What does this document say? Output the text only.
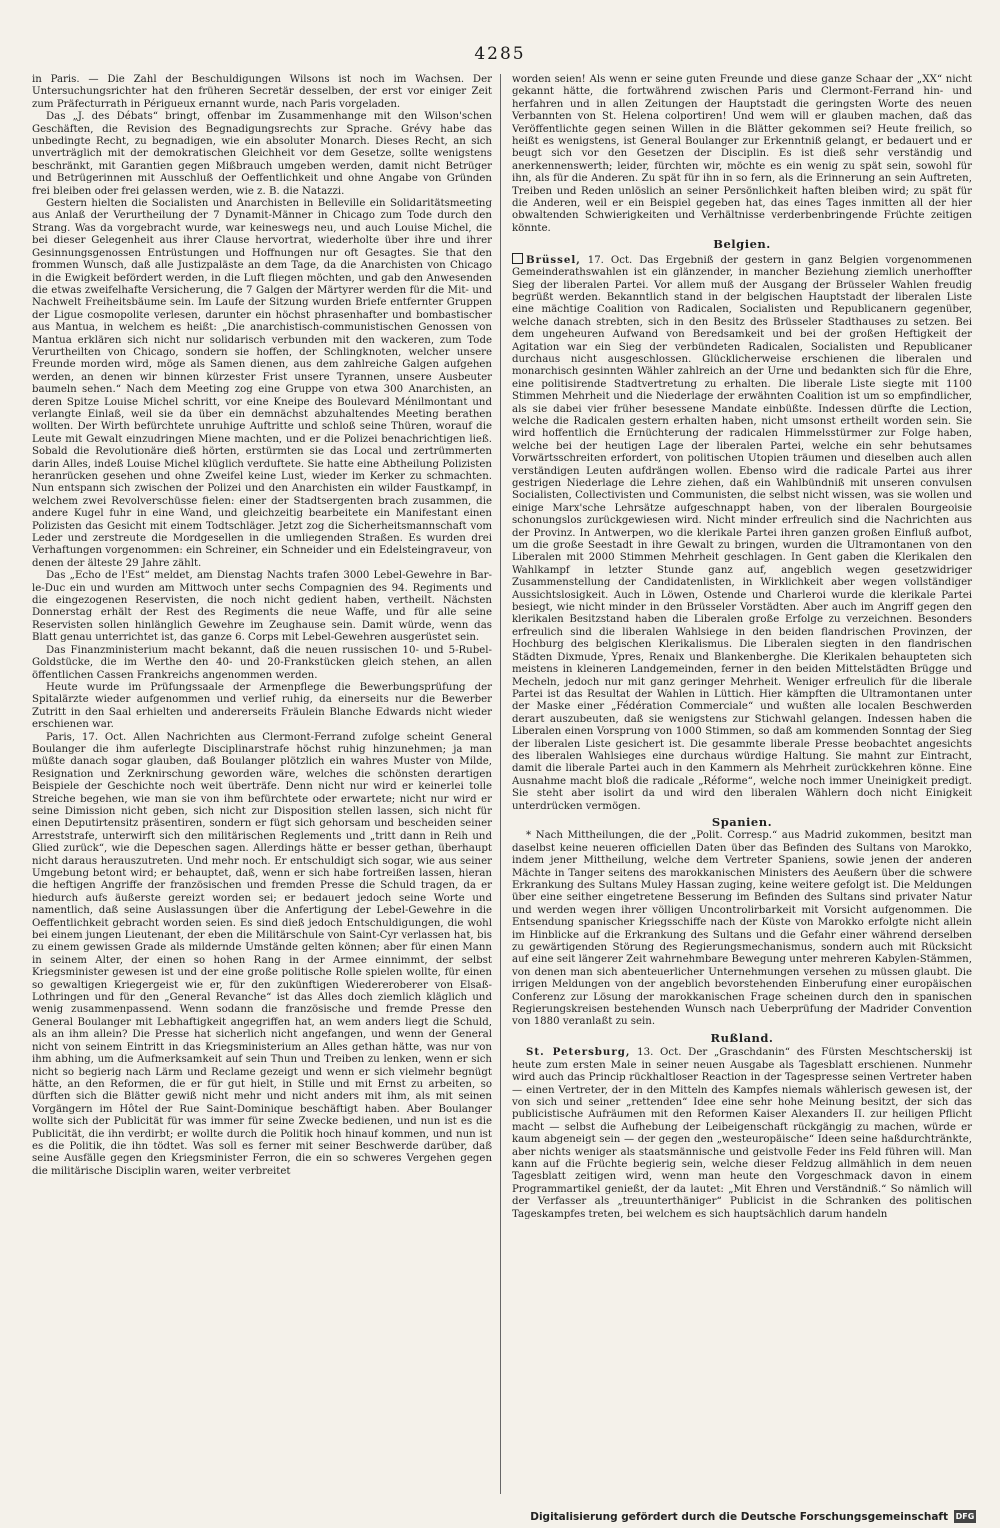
4285

in Paris. — Die Zahl der Beschuldigungen Wilsons ist noch im Wachsen. Der Untersuchungsrichter hat den früheren Secretär desselben, der erst vor einiger Zeit zum Präfecturrath in Périgueux ernannt wurde, nach Paris vorgeladen.

Das „J. des Débats“ bringt, offenbar im Zusammenhange mit den Wilson'schen Geschäften, die Revision des Begnadigungsrechts zur Sprache. Grévy habe das unbedingte Recht, zu begnadigen, wie ein absoluter Monarch. Dieses Recht, an sich unverträglich mit der demokratischen Gleichheit vor dem Gesetze, sollte wenigstens beschränkt, mit Garantien gegen Mißbrauch umgeben werden, damit nicht Betrüger und Betrügerinnen mit Ausschluß der Oeffentlichkeit und ohne Angabe von Gründen frei bleiben oder frei gelassen werden, wie z. B. die Natazzi.

Gestern hielten die Socialisten und Anarchisten in Belleville ein Solidaritätsmeeting aus Anlaß der Verurtheilung der 7 Dynamit-Männer in Chicago zum Tode durch den Strang. Was da vorgebracht wurde, war keineswegs neu, und auch Louise Michel, die bei dieser Gelegenheit aus ihrer Clause hervortrat, wiederholte über ihre und ihrer Gesinnungsgenossen Entrüstungen und Hoffnungen nur oft Gesagtes. Sie that den frommen Wunsch, daß alle Justizpaläste an dem Tage, da die Anarchisten von Chicago in die Ewigkeit befördert werden, in die Luft fliegen möchten, und gab den Anwesenden die etwas zweifelhafte Versicherung, die 7 Galgen der Märtyrer werden für die Mit- und Nachwelt Freiheitsbäume sein. Im Laufe der Sitzung wurden Briefe entfernter Gruppen der Ligue cosmopolite verlesen, darunter ein höchst phrasenhafter und bombastischer aus Mantua, in welchem es heißt: „Die anarchistisch-communistischen Genossen von Mantua erklären sich nicht nur solidarisch verbunden mit den wackeren, zum Tode Verurtheilten von Chicago, sondern sie hoffen, der Schlingknoten, welcher unsere Freunde morden wird, möge als Samen dienen, aus dem zahlreiche Galgen aufgehen werden, an denen wir binnen kürzester Frist unsere Tyrannen, unsere Ausbeuter baumeln sehen.“ Nach dem Meeting zog eine Gruppe von etwa 300 Anarchisten, an deren Spitze Louise Michel schritt, vor eine Kneipe des Boulevard Ménilmontant und verlangte Einlaß, weil sie da über ein demnächst abzuhaltendes Meeting berathen wollten. Der Wirth befürchtete unruhige Auftritte und schloß seine Thüren, worauf die Leute mit Gewalt einzudringen Miene machten, und er die Polizei benachrichtigen ließ. Sobald die Revolutionäre dieß hörten, erstürmten sie das Local und zertrümmerten darin Alles, indeß Louise Michel klüglich verduftete. Sie hatte eine Abtheilung Polizisten heranrücken gesehen und ohne Zweifel keine Lust, wieder im Kerker zu schmachten. Nun entspann sich zwischen der Polizei und den Anarchisten ein wilder Faustkampf, in welchem zwei Revolverschüsse fielen: einer der Stadtsergenten brach zusammen, die andere Kugel fuhr in eine Wand, und gleichzeitig bearbeitete ein Manifestant einen Polizisten das Gesicht mit einem Todtschläger. Jetzt zog die Sicherheitsmannschaft vom Leder und zerstreute die Mordgesellen in die umliegenden Straßen. Es wurden drei Verhaftungen vorgenommen: ein Schreiner, ein Schneider und ein Edelsteingraveur, von denen der älteste 29 Jahre zählt.

Das „Echo de l'Est“ meldet, am Dienstag Nachts trafen 3000 Lebel-Gewehre in Bar-le-Duc ein und wurden am Mittwoch unter sechs Compagnien des 94. Regiments und die eingezogenen Reservisten, die noch nicht gedient haben, vertheilt. Nächsten Donnerstag erhält der Rest des Regiments die neue Waffe, und für alle seine Reservisten sollen hinlänglich Gewehre im Zeughause sein. Damit würde, wenn das Blatt genau unterrichtet ist, das ganze 6. Corps mit Lebel-Gewehren ausgerüstet sein.

Das Finanzministerium macht bekannt, daß die neuen russischen 10- und 5-Rubel-Goldstücke, die im Werthe den 40- und 20-Frankstücken gleich stehen, an allen öffentlichen Cassen Frankreichs angenommen werden.

Heute wurde im Prüfungssaale der Armenpflege die Bewerbungsprüfung der Spitalärzte wieder aufgenommen und verlief ruhig, da einerseits nur die Bewerber Zutritt in den Saal erhielten und andererseits Fräulein Blanche Edwards nicht wieder erschienen war.

Paris, 17. Oct. Allen Nachrichten aus Clermont-Ferrand zufolge scheint General Boulanger die ihm auferlegte Disciplinarstrafe höchst ruhig hinzunehmen; ja man müßte danach sogar glauben, daß Boulanger plötzlich ein wahres Muster von Milde, Resignation und Zerknirschung geworden wäre, welches die schönsten derartigen Beispiele der Geschichte noch weit überträfe. Denn nicht nur wird er keinerlei tolle Streiche begehen, wie man sie von ihm befürchtete oder erwartete; nicht nur wird er seine Dimission nicht geben, sich nicht zur Disposition stellen lassen, sich nicht für einen Deputirtensitz präsentiren, sondern er fügt sich gehorsam und bescheiden seiner Arreststrafe, unterwirft sich den militärischen Reglements und „tritt dann in Reih und Glied zurück“, wie die Depeschen sagen. Allerdings hätte er besser gethan, überhaupt nicht daraus herauszutreten. Und mehr noch. Er entschuldigt sich sogar, wie aus seiner Umgebung betont wird; er behauptet, daß, wenn er sich habe fortreißen lassen, hieran die heftigen Angriffe der französischen und fremden Presse die Schuld tragen, da er hiedurch aufs äußerste gereizt worden sei; er bedauert jedoch seine Worte und namentlich, daß seine Auslassungen über die Anfertigung der Lebel-Gewehre in die Oeffentlichkeit gebracht worden seien. Es sind dieß jedoch Entschuldigungen, die wohl bei einem jungen Lieutenant, der eben die Militärschule von Saint-Cyr verlassen hat, bis zu einem gewissen Grade als mildernde Umstände gelten können; aber für einen Mann in seinem Alter, der einen so hohen Rang in der Armee einnimmt, der selbst Kriegsminister gewesen ist und der eine große politische Rolle spielen wollte, für einen so gewaltigen Kriegergeist wie er, für den zukünftigen Wiedereroberer von Elsaß-Lothringen und für den „General Revanche“ ist das Alles doch ziemlich kläglich und wenig zusammenpassend. Wenn sodann die französische und fremde Presse den General Boulanger mit Lebhaftigkeit angegriffen hat, an wem anders liegt die Schuld, als an ihm allein? Die Presse hat sicherlich nicht angefangen, und wenn der General nicht von seinem Eintritt in das Kriegsministerium an Alles gethan hätte, was nur von ihm abhing, um die Aufmerksamkeit auf sein Thun und Treiben zu lenken, wenn er sich nicht so begierig nach Lärm und Reclame gezeigt und wenn er sich vielmehr begnügt hätte, an den Reformen, die er für gut hielt, in Stille und mit Ernst zu arbeiten, so dürften sich die Blätter gewiß nicht mehr und nicht anders mit ihm, als mit seinen Vorgängern im Hôtel der Rue Saint-Dominique beschäftigt haben. Aber Boulanger wollte sich der Publicität für was immer für seine Zwecke bedienen, und nun ist es die Publicität, die ihn verdirbt; er wollte durch die Politik hoch hinauf kommen, und nun ist es die Politik, die ihn tödtet. Was soll es ferner mit seiner Beschwerde darüber, daß seine Ausfälle gegen den Kriegsminister Ferron, die ein so schweres Vergehen gegen die militärische Disciplin waren, weiter verbreitet

worden seien! Als wenn er seine guten Freunde und diese ganze Schaar der „XX“ nicht gekannt hätte, die fortwährend zwischen Paris und Clermont-Ferrand hin- und herfahren und in allen Zeitungen der Hauptstadt die geringsten Worte des neuen Verbannten von St. Helena colportiren! Und wem will er glauben machen, daß das Veröffentlichte gegen seinen Willen in die Blätter gekommen sei? Heute freilich, so heißt es wenigstens, ist General Boulanger zur Erkenntniß gelangt, er bedauert und er beugt sich vor den Gesetzen der Disciplin. Es ist dieß sehr verständig und anerkennenswerth; leider, fürchten wir, möchte es ein wenig zu spät sein, sowohl für ihn, als für die Anderen. Zu spät für ihn in so fern, als die Erinnerung an sein Auftreten, Treiben und Reden unlöslich an seiner Persönlichkeit haften bleiben wird; zu spät für die Anderen, weil er ein Beispiel gegeben hat, das eines Tages inmitten all der hier obwaltenden Schwierigkeiten und Verhältnisse verderbenbringende Früchte zeitigen könnte.

Belgien.

Brüssel, 17. Oct. Das Ergebniß der gestern in ganz Belgien vorgenommenen Gemeinderathswahlen ist ein glänzender, in mancher Beziehung ziemlich unerhoffter Sieg der liberalen Partei. Vor allem muß der Ausgang der Brüsseler Wahlen freudig begrüßt werden. Bekanntlich stand in der belgischen Hauptstadt der liberalen Liste eine mächtige Coalition von Radicalen, Socialisten und Republicanern gegenüber, welche danach strebten, sich in den Besitz des Brüsseler Stadthauses zu setzen. Bei dem ungeheuren Aufwand von Beredsamkeit und bei der großen Heftigkeit der Agitation war ein Sieg der verbündeten Radicalen, Socialisten und Republicaner durchaus nicht ausgeschlossen. Glücklicherweise erschienen die liberalen und monarchisch gesinnten Wähler zahlreich an der Urne und bedankten sich für die Ehre, eine politisirende Stadtvertretung zu erhalten. Die liberale Liste siegte mit 1100 Stimmen Mehrheit und die Niederlage der erwähnten Coalition ist um so empfindlicher, als sie dabei vier früher besessene Mandate einbüßte. Indessen dürfte die Lection, welche die Radicalen gestern erhalten haben, nicht umsonst ertheilt worden sein. Sie wird hoffentlich die Ernüchterung der radicalen Himmelsstürmer zur Folge haben, welche bei der heutigen Lage der liberalen Partei, welche ein sehr behutsames Vorwärtsschreiten erfordert, von politischen Utopien träumen und dieselben auch allen verständigen Leuten aufdrängen wollen. Ebenso wird die radicale Partei aus ihrer gestrigen Niederlage die Lehre ziehen, daß ein Wahlbündniß mit unseren convulsen Socialisten, Collectivisten und Communisten, die selbst nicht wissen, was sie wollen und einige Marx'sche Lehrsätze aufgeschnappt haben, von der liberalen Bourgeoisie schonungslos zurückgewiesen wird. Nicht minder erfreulich sind die Nachrichten aus der Provinz. In Antwerpen, wo die klerikale Partei ihren ganzen großen Einfluß aufbot, um die große Seestadt in ihre Gewalt zu bringen, wurden die Ultramontanen von den Liberalen mit 2000 Stimmen Mehrheit geschlagen. In Gent gaben die Klerikalen den Wahlkampf in letzter Stunde ganz auf, angeblich wegen gesetzwidriger Zusammenstellung der Candidatenlisten, in Wirklichkeit aber wegen vollständiger Aussichtslosigkeit. Auch in Löwen, Ostende und Charleroi wurde die klerikale Partei besiegt, wie nicht minder in den Brüsseler Vorstädten. Aber auch im Angriff gegen den klerikalen Besitzstand haben die Liberalen große Erfolge zu verzeichnen. Besonders erfreulich sind die liberalen Wahlsiege in den beiden flandrischen Provinzen, der Hochburg des belgischen Klerikalismus. Die Liberalen siegten in den flandrischen Städten Dixmude, Ypres, Renaix und Blankenberghe. Die Klerikalen behaupteten sich meistens in kleineren Landgemeinden, ferner in den beiden Mittelstädten Brügge und Mecheln, jedoch nur mit ganz geringer Mehrheit. Weniger erfreulich für die liberale Partei ist das Resultat der Wahlen in Lüttich. Hier kämpften die Ultramontanen unter der Maske einer „Fédération Commerciale“ und wußten alle localen Beschwerden derart auszubeuten, daß sie wenigstens zur Stichwahl gelangen. Indessen haben die Liberalen einen Vorsprung von 1000 Stimmen, so daß am kommenden Sonntag der Sieg der liberalen Liste gesichert ist. Die gesammte liberale Presse beobachtet angesichts des liberalen Wahlsieges eine durchaus würdige Haltung. Sie mahnt zur Eintracht, damit die liberale Partei auch in den Kammern als Mehrheit zurückkehren könne. Eine Ausnahme macht bloß die radicale „Réforme“, welche noch immer Uneinigkeit predigt. Sie steht aber isolirt da und wird den liberalen Wählern doch nicht Einigkeit unterdrücken vermögen.

Spanien.

* Nach Mittheilungen, die der „Polit. Corresp.“ aus Madrid zukommen, besitzt man daselbst keine neueren officiellen Daten über das Befinden des Sultans von Marokko, indem jener Mittheilung, welche dem Vertreter Spaniens, sowie jenen der anderen Mächte in Tanger seitens des marokkanischen Ministers des Aeußern über die schwere Erkrankung des Sultans Muley Hassan zuging, keine weitere gefolgt ist. Die Meldungen über eine seither eingetretene Besserung im Befinden des Sultans sind privater Natur und werden wegen ihrer völligen Uncontrolirbarkeit mit Vorsicht aufgenommen. Die Entsendung spanischer Kriegsschiffe nach der Küste von Marokko erfolgte nicht allein im Hinblicke auf die Erkrankung des Sultans und die Gefahr einer während derselben zu gewärtigenden Störung des Regierungsmechanismus, sondern auch mit Rücksicht auf eine seit längerer Zeit wahrnehmbare Bewegung unter mehreren Kabylen-Stämmen, von denen man sich abenteuerlicher Unternehmungen versehen zu müssen glaubt. Die irrigen Meldungen von der angeblich bevorstehenden Einberufung einer europäischen Conferenz zur Lösung der marokkanischen Frage scheinen durch den in spanischen Regierungskreisen bestehenden Wunsch nach Ueberprüfung der Madrider Convention von 1880 veranlaßt zu sein.

Rußland.

St. Petersburg, 13. Oct. Der „Graschdanin“ des Fürsten Meschtscherskij ist heute zum ersten Male in seiner neuen Ausgabe als Tagesblatt erschienen. Nunmehr wird auch das Princip rückhaltloser Reaction in der Tagespresse seinen Vertreter haben — einen Vertreter, der in den Mitteln des Kampfes niemals wählerisch gewesen ist, der von sich und seiner „rettenden“ Idee eine sehr hohe Meinung besitzt, der sich das publicistische Aufräumen mit den Reformen Kaiser Alexanders II. zur heiligen Pflicht macht — selbst die Aufhebung der Leibeigenschaft rückgängig zu machen, würde er kaum abgeneigt sein — der gegen den „westeuropäische“ Ideen seine haßdurchtränkte, aber nichts weniger als staatsmännische und geistvolle Feder ins Feld führen will. Man kann auf die Früchte begierig sein, welche dieser Feldzug allmählich in dem neuen Tagesblatt zeitigen wird, wenn man heute den Vorgeschmack davon in einem Programmartikel genießt, der da lautet: „Mit Ehren und Verständniß.“ So nämlich will der Verfasser als „treuunterthäniger“ Publicist in die Schranken des politischen Tageskampfes treten, bei welchem es sich hauptsächlich darum handeln

Digitalisierung gefördert durch die Deutsche Forschungsgemeinschaft DFG
